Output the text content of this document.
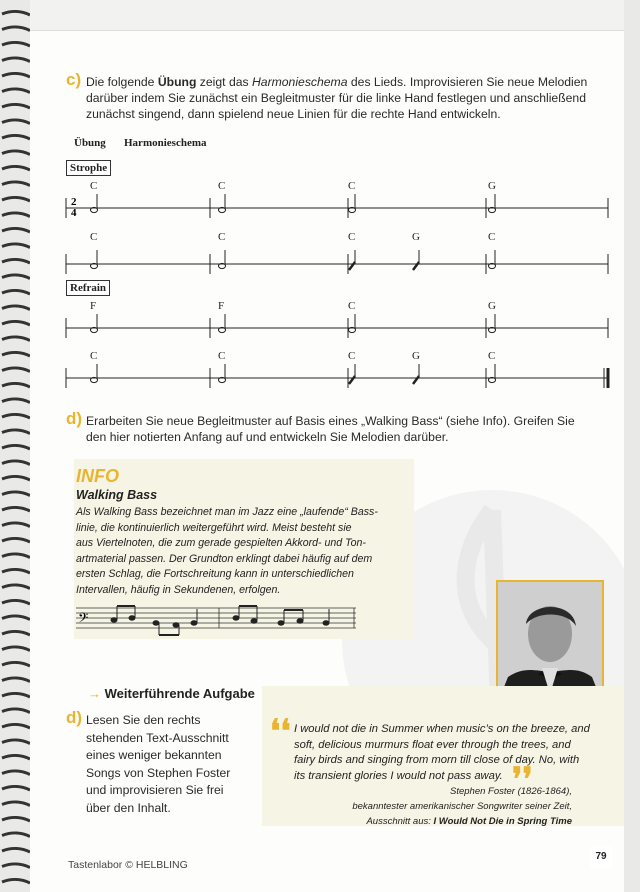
c) Die folgende Übung zeigt das Harmonieschema des Lieds. Improvisieren Sie neue Melodien
darüber indem Sie zunächst ein Begleitmuster für die linke Hand festlegen und anschließend
zunächst singend, dann spielend neue Linien für die rechte Hand entwickeln.
Übung Harmonieschema
Strophe
Refrain
2
4
C	C	C	G
C	C	C	G	C
F	F	C	G
C	C	C	G	C
d) Erarbeiten Sie neue Begleitmuster auf Basis eines „Walking Bass“ (siehe Info). Greifen Sie
den hier notierten Anfang auf und entwickeln Sie Melodien darüber.
INFO
Walking Bass
Als Walking Bass bezeichnet man im Jazz eine „laufende“ Bass-
linie, die kontinuierlich weitergeführt wird. Meist besteht sie
aus Viertelnoten, die zum gerade gespielten Akkord- und Ton-
artmaterial passen. Der Grundton erklingt dabei häufig auf dem
ersten Schlag, die Fortschreitung kann in unterschiedlichen
Intervallen, häufig in Sekundenen, erfolgen.
𝄢
→ Weiterführende Aufgabe
d) Lesen Sie den rechts
stehenden Text-Ausschnitt
eines weniger bekannten
Songs von Stephen Foster
und improvisieren Sie frei
über den Inhalt.
❛❛ I would not die in Summer when music’s on the breeze, and
soft, delicious murmurs float ever through the trees, and
fairy birds and singing from morn till close of day. No, with
its transient glories I would not pass away. ❜❜
Stephen Foster (1826-1864),
bekanntester amerikanischer Songwriter seiner Zeit,
Ausschnitt aus: I Would Not Die in Spring Time
Tastenlabor © HELBLING
79
